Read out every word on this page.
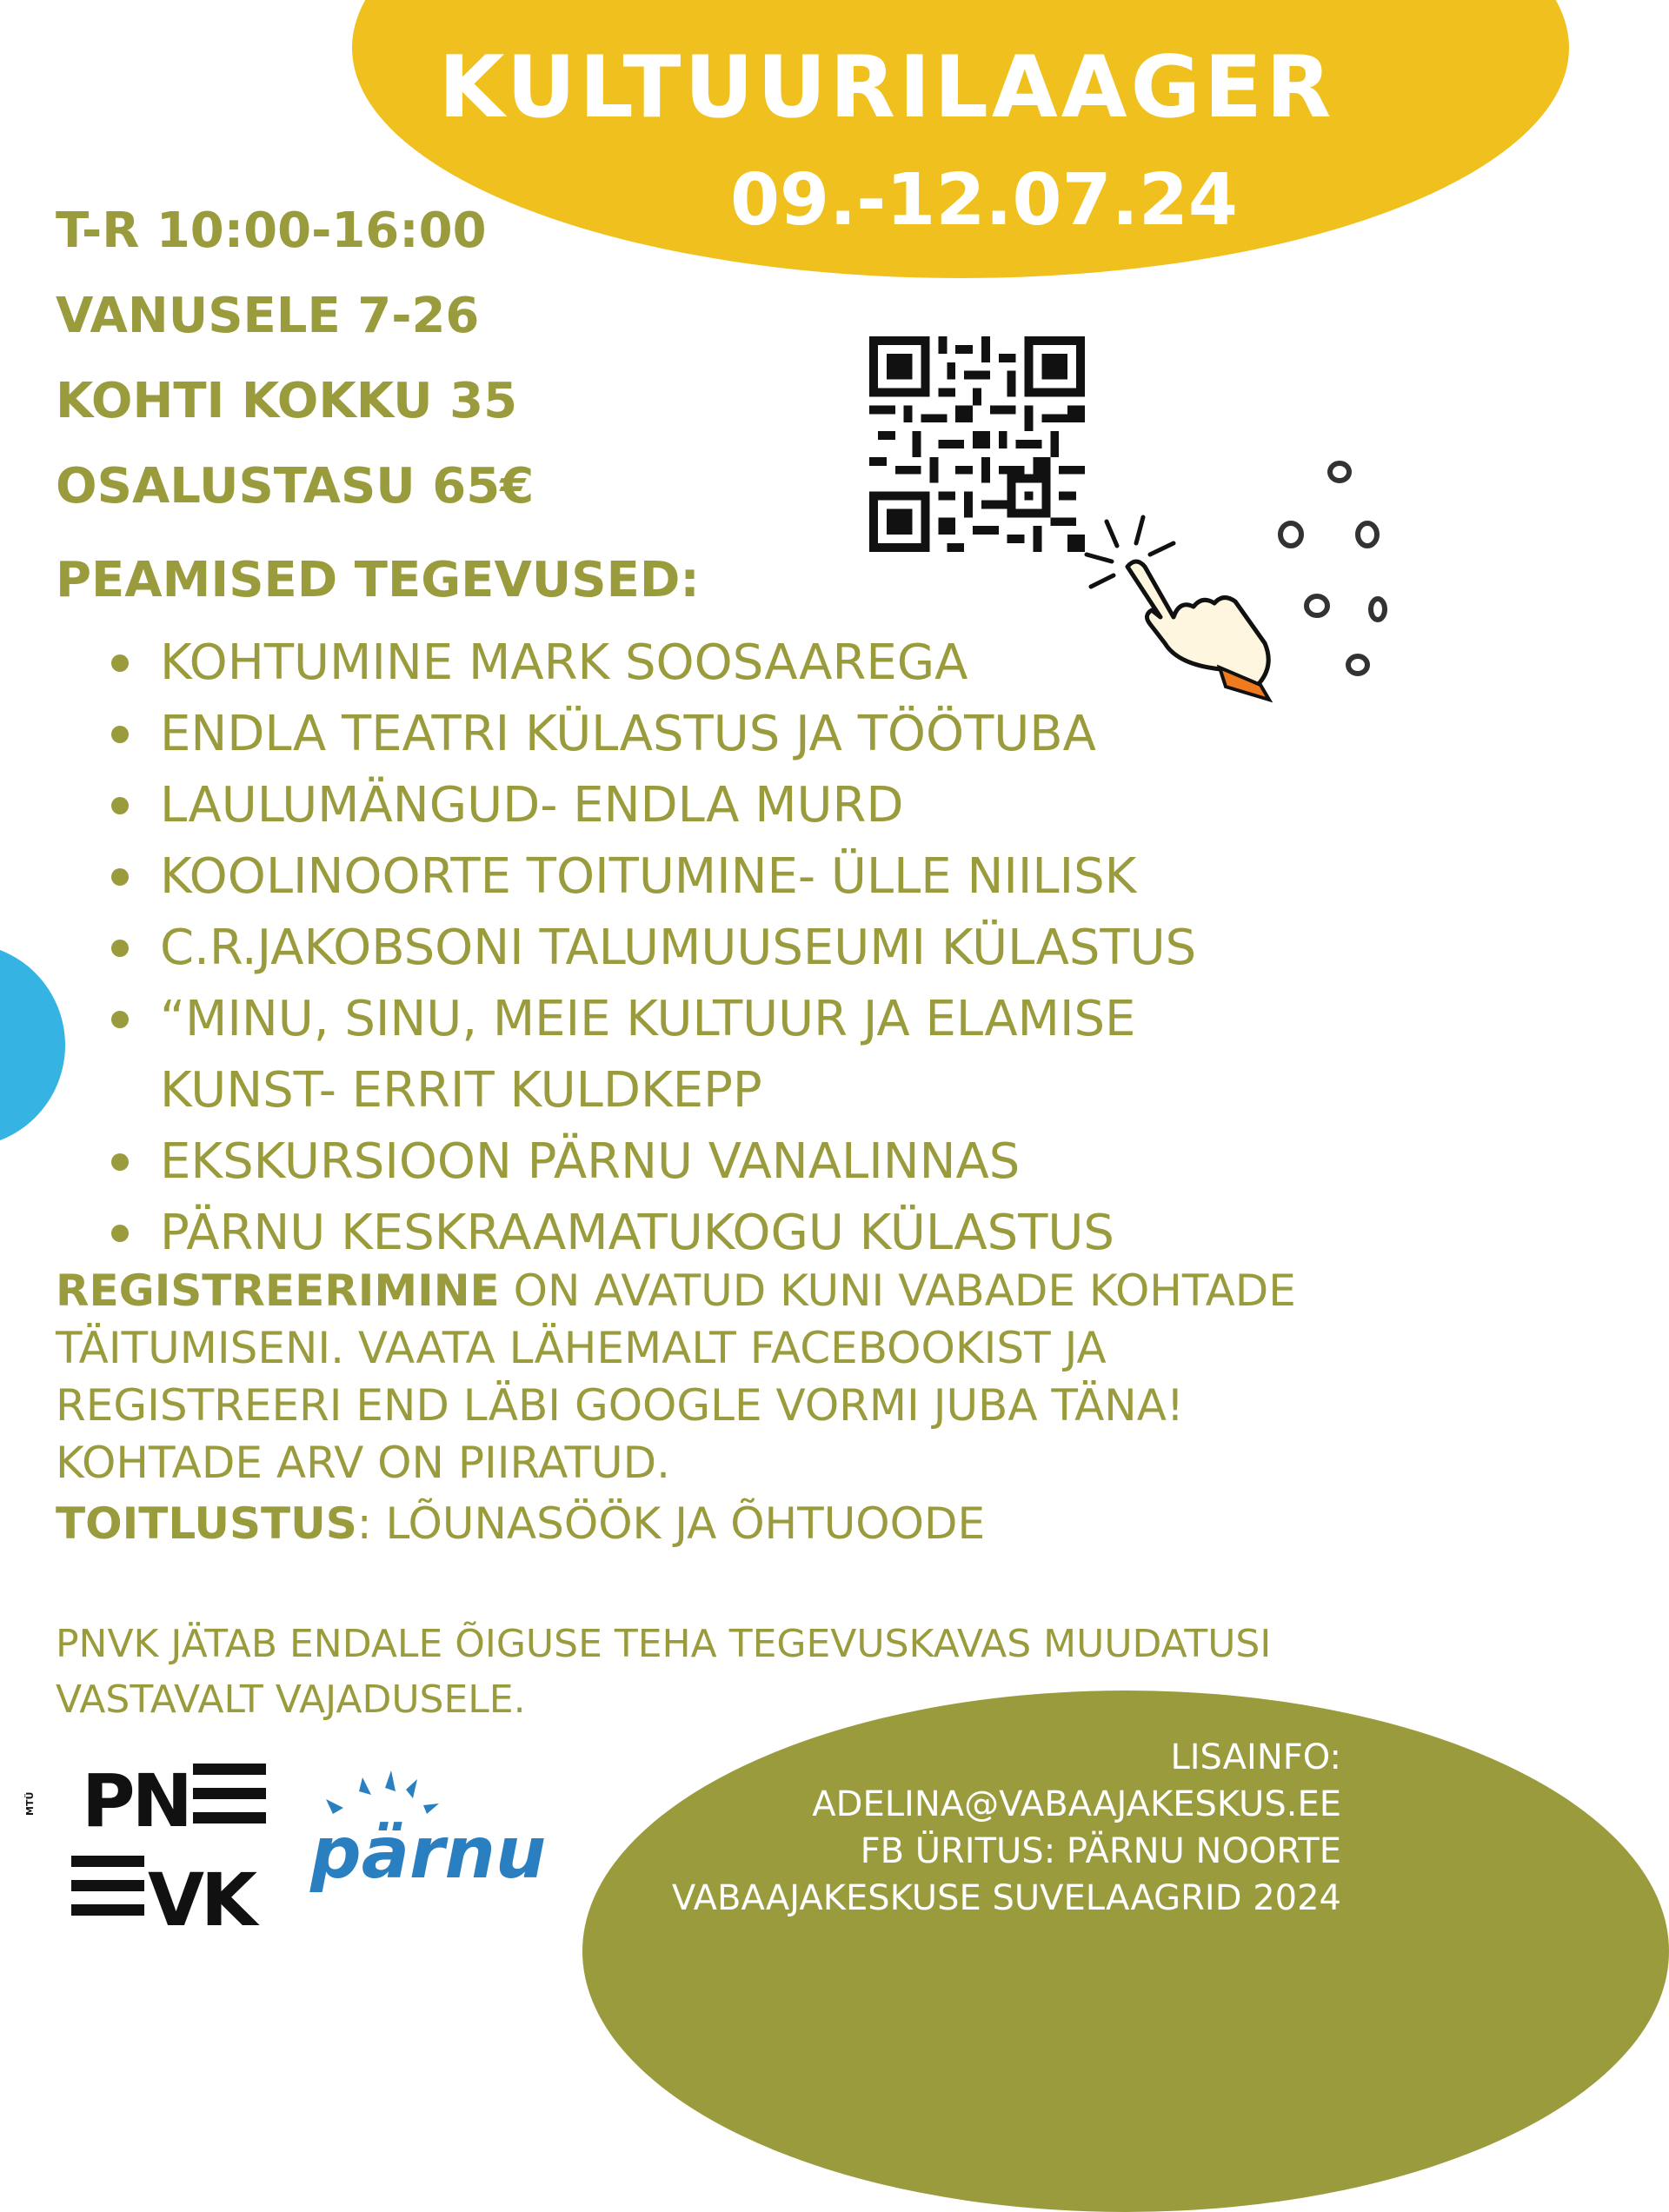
KULTUURILAAGER
09.-12.07.24
T-R 10:00-16:00
VANUSELE 7-26
KOHTI KOKKU 35
OSALUSTASU 65€
PEAMISED TEGEVUSED:
KOHTUMINE MARK SOOSAAREGA
ENDLA TEATRI KÜLASTUS JA TÖÖTUBA
LAULUMÄNGUD- ENDLA MURD
KOOLINOORTE TOITUMINE- ÜLLE NIILISK
C.R.JAKOBSONI TALUMUUSEUMI KÜLASTUS
“MINU, SINU, MEIE KULTUUR JA ELAMISE
KUNST- ERRIT KULDKEPP
EKSKURSIOON PÄRNU VANALINNAS
PÄRNU KESKRAAMATUKOGU KÜLASTUS
REGISTREERIMINE ON AVATUD KUNI VABADE KOHTADE TÄITUMISENI. VAATA LÄHEMALT FACEBOOKIST JA REGISTREERI END LÄBI GOOGLE VORMI JUBA TÄNA! KOHTADE ARV ON PIIRATUD.
TOITLUSTUS: LÕUNASÖÖK JA ÕHTUOODE
PNVK JÄTAB ENDALE ÕIGUSE TEHA TEGEVUSKAVAS MUUDATUSI VASTAVALT VAJADUSELE.
LISAINFO:
ADELINA@VABAAJAKESKUS.EE
FB ÜRITUS: PÄRNU NOORTE
VABAAJAKESKUSE SUVELAAGRID 2024
MTÜ PN
VK
pärnu
